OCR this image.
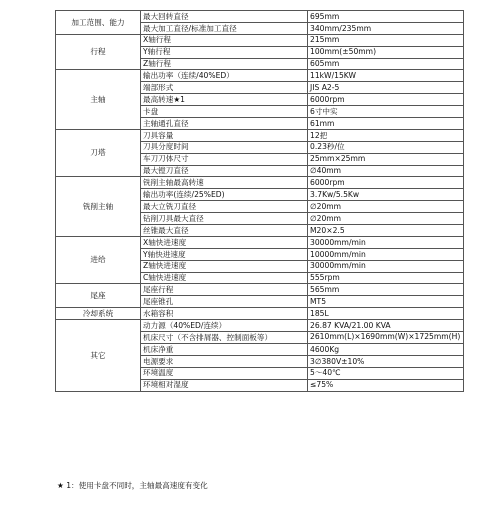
加工范围、能力	最大回转直径	695mm
	最大加工直径/标准加工直径	340mm/235mm
行程	X轴行程	215mm
	Y轴行程	100mm(±50mm)
	Z轴行程	605mm
主轴	输出功率（连续/40%ED）	11kW/15KW
	端部形式	JIS A2-5
	最高转速★1	6000rpm
	卡盘	6寸中实
	主轴通孔直径	61mm
刀塔	刀具容量	12把
	刀具分度时间	0.23秒/位
	车刀刀体尺寸	25mm×25mm
	最大镗刀直径	∅40mm
铣削主轴	铣削主轴最高转速	6000rpm
	输出功率(连续/25%ED)	3.7Kw/5.5Kw
	最大立铣刀直径	∅20mm
	钻削刀具最大直径	∅20mm
	丝锥最大直径	M20×2.5
进给	X轴快进速度	30000mm/min
	Y轴快进速度	10000mm/min
	Z轴快进速度	30000mm/min
	C轴快进速度	555rpm
尾座	尾座行程	565mm
	尾座锥孔	MT5
冷却系统	水箱容积	185L
其它	动力源（40%ED/连续）	26.87 KVA/21.00 KVA
	机床尺寸（不含排屑器、控制面板等）	2610mm(L)×1690mm(W)×1725mm(H)
	机床净重	4600Kg
	电源要求	3∅380V±10%
	环境温度	5～40℃
	环境相对湿度	≤75%
★ 1：使用卡盘不同时，主轴最高速度有变化
